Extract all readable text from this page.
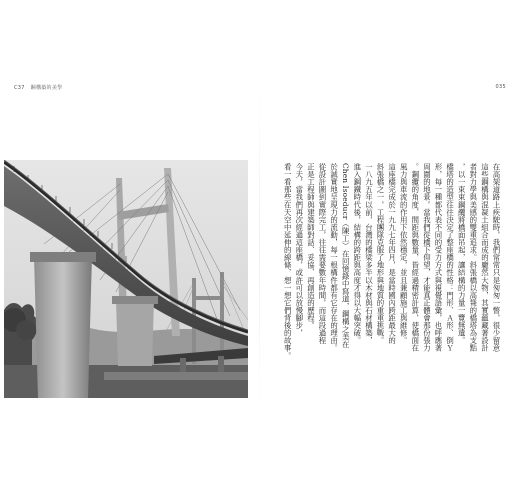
C37 鋼構築的美學	035
在高架道路上疾駛時，我們常常只是匆匆一瞥，很少留意
這些鋼構與混凝土組合而成的龐然大物，其實蘊藏著設計
者對力學與美感的雙重追求。斜張橋以高聳的橋塔為支點
，以一束束鋼纜將橋面吊起，讓結構的力量一覽無遺。
橋塔的造型往往決定了整座橋的性格：門形、Ａ形、倒Ｙ
形，每一種都代表不同的受力方式與視覺語彙，也呼應著
周圍的地景。當我們從橋下仰望，才能真正體會那份張力
。鋼纜的角度、間距與數量，皆經過精密計算，使橋面在
風力與車流的作用下依然穩定，並且兼顧施工與維修。
這座橋完成於一九九七年四月，是當時國內跨距最大的
斜張橋之一，工程團隊克服了地形與地質的重重挑戰。
一八九五年以前，台灣的橋梁多半以木材與石材構築，
進入鋼鐵時代後，結構的跨距與高度才得以大幅突破。
Chen Isoeducr（陳工）在回憶錄中寫道，鋼構之美在
於誠實地呈現力的流動，每一根構件都有它存在的理由。
從設計圖到實際完工，往往需要數年時間，而這段過程
正是工程師與建築師對話、妥協、再創造的歷程。
今天，當我們再次經過這座橋，或許可以放慢腳步，
看一看那些在天空中延伸的線條，想一想它們背後的故事。
